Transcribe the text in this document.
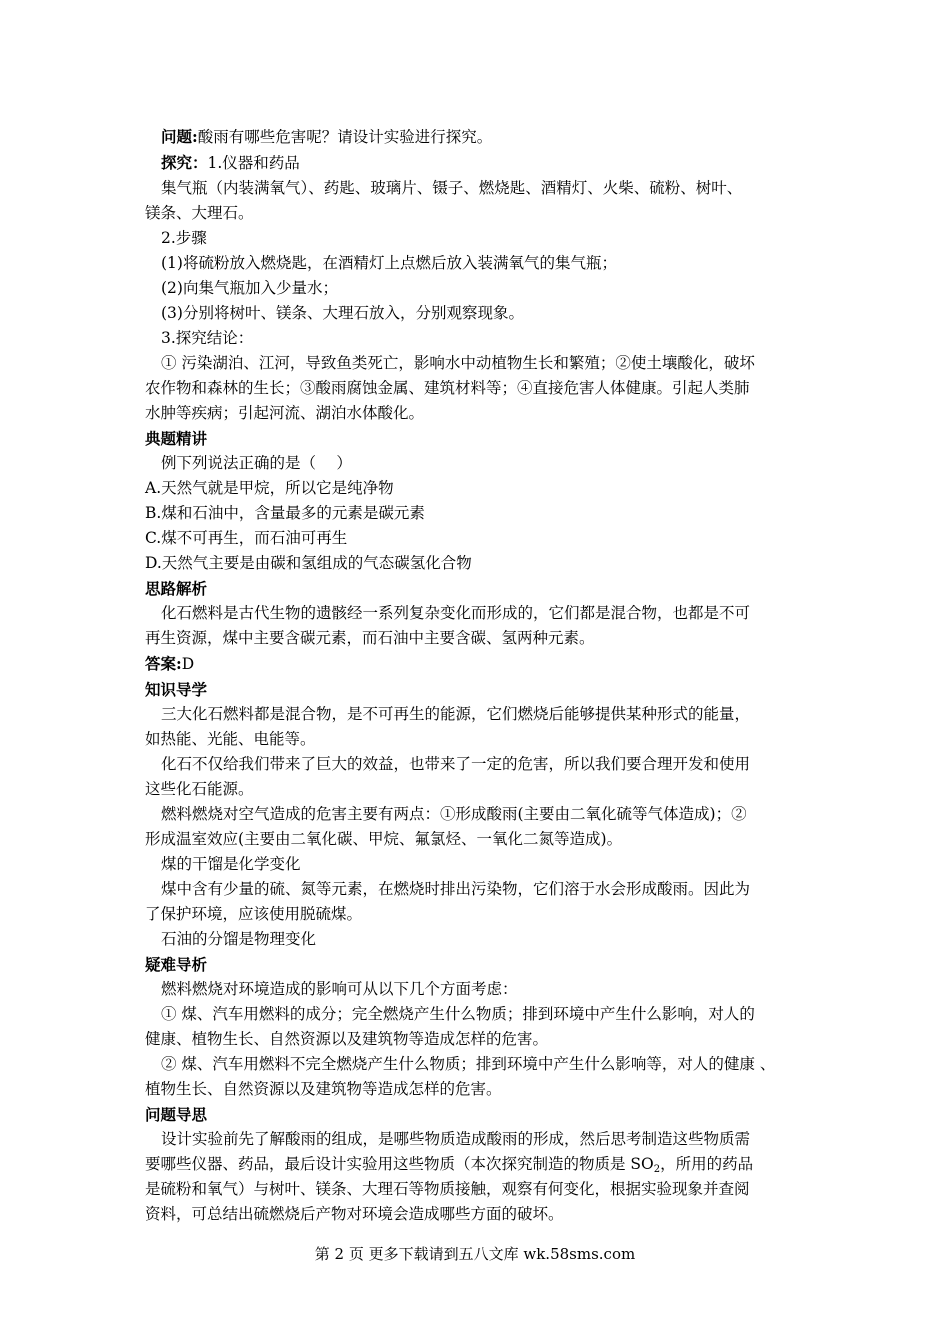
问题:酸雨有哪些危害呢？请设计实验进行探究。

探究：1.仪器和药品

集气瓶（内装满氧气）、药匙、玻璃片、镊子、燃烧匙、酒精灯、火柴、硫粉、树叶、

镁条、大理石。

2.步骤

(1)将硫粉放入燃烧匙，在酒精灯上点燃后放入装满氧气的集气瓶；

(2)向集气瓶加入少量水；

(3)分别将树叶、镁条、大理石放入，分别观察现象。

3.探究结论：

① 污染湖泊、江河，导致鱼类死亡，影响水中动植物生长和繁殖；②使土壤酸化，破坏

农作物和森林的生长；③酸雨腐蚀金属、建筑材料等；④直接危害人体健康。引起人类肺

水肿等疾病；引起河流、湖泊水体酸化。

典题精讲

例下列说法正确的是（　 ）

A.天然气就是甲烷，所以它是纯净物

B.煤和石油中，含量最多的元素是碳元素

C.煤不可再生，而石油可再生

D.天然气主要是由碳和氢组成的气态碳氢化合物

思路解析

化石燃料是古代生物的遗骸经一系列复杂变化而形成的，它们都是混合物，也都是不可

再生资源，煤中主要含碳元素，而石油中主要含碳、氢两种元素。

答案:D

知识导学

三大化石燃料都是混合物，是不可再生的能源，它们燃烧后能够提供某种形式的能量，

如热能、光能、电能等。

化石不仅给我们带来了巨大的效益，也带来了一定的危害，所以我们要合理开发和使用

这些化石能源。

燃料燃烧对空气造成的危害主要有两点：①形成酸雨(主要由二氧化硫等气体造成)；②

形成温室效应(主要由二氧化碳、甲烷、氟氯烃、一氧化二氮等造成)。

煤的干馏是化学变化

煤中含有少量的硫、氮等元素，在燃烧时排出污染物，它们溶于水会形成酸雨。因此为

了保护环境，应该使用脱硫煤。

石油的分馏是物理变化

疑难导析

燃料燃烧对环境造成的影响可从以下几个方面考虑：

① 煤、汽车用燃料的成分；完全燃烧产生什么物质；排到环境中产生什么影响，对人的

健康、植物生长、自然资源以及建筑物等造成怎样的危害。

② 煤、汽车用燃料不完全燃烧产生什么物质；排到环境中产生什么影响等，对人的健康 、

植物生长、自然资源以及建筑物等造成怎样的危害。

问题导思

设计实验前先了解酸雨的组成，是哪些物质造成酸雨的形成，然后思考制造这些物质需

要哪些仪器、药品，最后设计实验用这些物质（本次探究制造的物质是 $SO_2$，所用的药品

是硫粉和氧气）与树叶、镁条、大理石等物质接触，观察有何变化，根据实验现象并查阅

资料，可总结出硫燃烧后产物对环境会造成哪些方面的破坏。

第 2 页 更多下载请到五八文库 wk.58sms.com
